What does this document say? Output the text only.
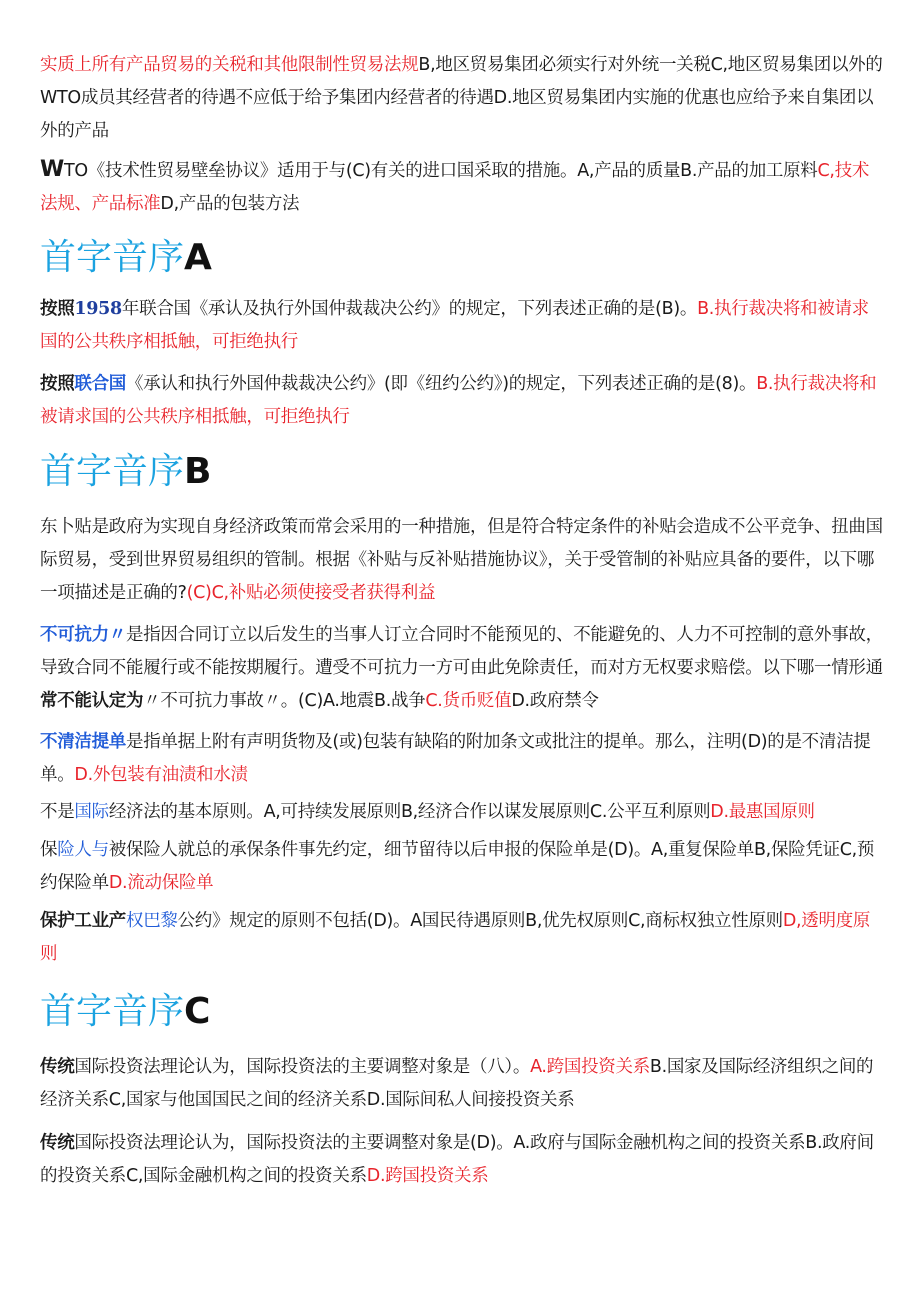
实质上所有产品贸易的关税和其他限制性贸易法规B,地区贸易集团必须实行对外统一关税C,地区贸易集团以外的WTO成员其经营者的待遇不应低于给予集团内经营者的待遇D.地区贸易集团内实施的优惠也应给予来自集团以外的产品

WTO《技术性贸易壁垒协议》适用于与(C)有关的进口国采取的措施。A,产品的质量B.产品的加工原料C,技术法规、产品标准D,产品的包装方法

首字音序A

按照1958年联合国《承认及执行外国仲裁裁决公约》的规定，下列表述正确的是(B)。B.执行裁决将和被请求国的公共秩序相抵触，可拒绝执行

按照联合国《承认和执行外国仲裁裁决公约》(即《纽约公约》)的规定，下列表述正确的是(8)。B.执行裁决将和被请求国的公共秩序相抵触，可拒绝执行

首字音序B

东卜贴是政府为实现自身经济政策而常会采用的一种措施，但是符合特定条件的补贴会造成不公平竞争、扭曲国际贸易，受到世界贸易组织的管制。根据《补贴与反补贴措施协议》，关于受管制的补贴应具备的要件，以下哪一项描述是正确的?(C)C,补贴必须使接受者获得利益

不可抗力〃是指因合同订立以后发生的当事人订立合同时不能预见的、不能避免的、人力不可控制的意外事故，导致合同不能履行或不能按期履行。遭受不可抗力一方可由此免除责任，而对方无权要求赔偿。以下哪一情形通常不能认定为〃不可抗力事故〃。(C)A.地震B.战争C.货币贬值D.政府禁令

不清洁提单是指单据上附有声明货物及(或)包装有缺陷的附加条文或批注的提单。那么，注明(D)的是不清洁提单。D.外包装有油渍和水渍

不是国际经济法的基本原则。A,可持续发展原则B,经济合作以谋发展原则C.公平互利原则D.最惠国原则

保险人与被保险人就总的承保条件事先约定，细节留待以后申报的保险单是(D)。A,重复保险单B,保险凭证C,预约保险单D.流动保险单

保护工业产权巴黎公约》规定的原则不包括(D)。A国民待遇原则B,优先权原则C,商标权独立性原则D,透明度原则

首字音序C

传统国际投资法理论认为，国际投资法的主要调整对象是（八）。A.跨国投资关系B.国家及国际经济组织之间的经济关系C,国家与他国国民之间的经济关系D.国际间私人间接投资关系

传统国际投资法理论认为，国际投资法的主要调整对象是(D)。A.政府与国际金融机构之间的投资关系B.政府间的投资关系C,国际金融机构之间的投资关系D.跨国投资关系
